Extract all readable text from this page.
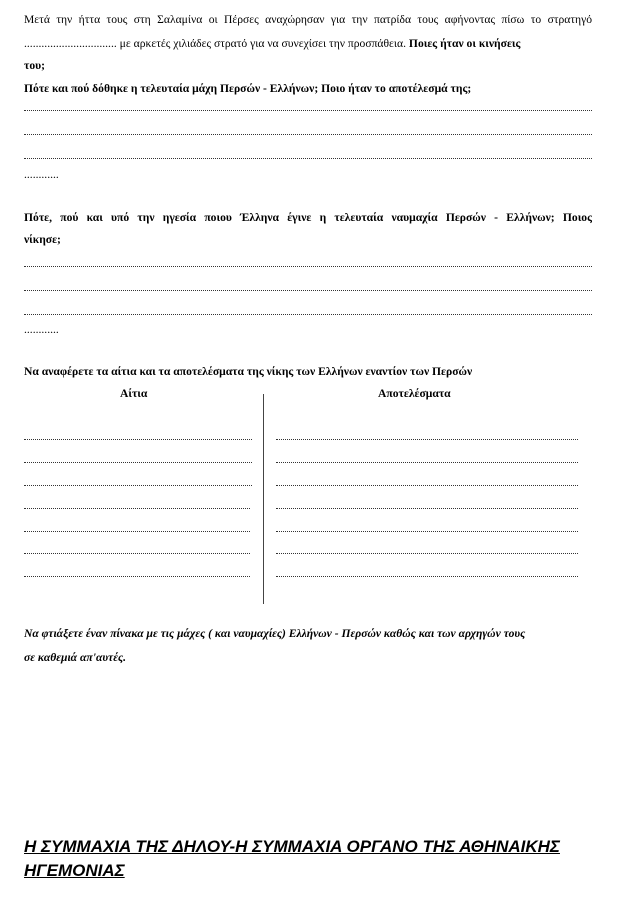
Μετά την ήττα τους στη Σαλαμίνα οι Πέρσες αναχώρησαν για την πατρίδα τους αφήνοντας πίσω το στρατηγό
................................ με αρκετές χιλιάδες στρατό για να συνεχίσει την προσπάθεια. Ποιες ήταν οι κινήσεις
του;
Πότε και πού δόθηκε η τελευταία μάχη Περσών - Ελλήνων; Ποιο ήταν το αποτέλεσμά της;
............
Πότε, πού και υπό την ηγεσία ποιου Έλληνα έγινε η τελευταία ναυμαχία Περσών - Ελλήνων; Ποιος
νίκησε;
............
Να αναφέρετε τα αίτια και τα αποτελέσματα της νίκης των Ελλήνων εναντίον των Περσών
Αίτια	Αποτελέσματα
Να φτιάξετε έναν πίνακα με τις μάχες ( και ναυμαχίες) Ελλήνων - Περσών καθώς και των αρχηγών τους
σε καθεμιά απ'αυτές.
Η ΣΥΜΜΑΧΙΑ ΤΗΣ ΔΗΛΟΥ-Η ΣΥΜΜΑΧΙΑ ΟΡΓΑΝΟ ΤΗΣ ΑΘΗΝΑΙΚΗΣ
ΗΓΕΜΟΝΙΑΣ
